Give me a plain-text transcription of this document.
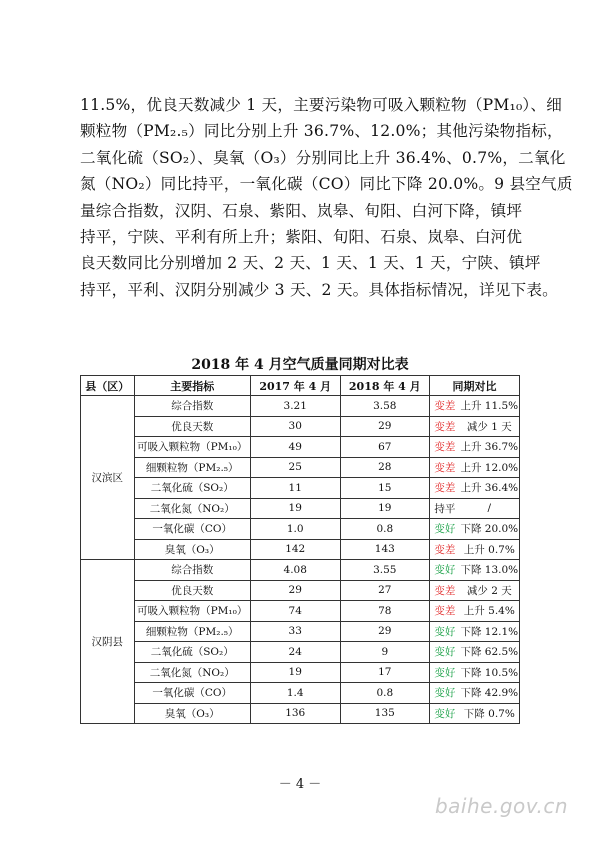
11.5%，优良天数减少 1 天，主要污染物可吸入颗粒物（PM₁₀）、细
颗粒物（PM₂.₅）同比分别上升 36.7%、12.0%；其他污染物指标，
二氧化硫（SO₂）、臭氧（O₃）分别同比上升 36.4%、0.7%，二氧化
氮（NO₂）同比持平，一氧化碳（CO）同比下降 20.0%。9 县空气质
量综合指数，汉阴、石泉、紫阳、岚皋、旬阳、白河下降，镇坪
持平，宁陕、平利有所上升；紫阳、旬阳、石泉、岚皋、白河优
良天数同比分别增加 2 天、2 天、1 天、1 天、1 天，宁陕、镇坪
持平，平利、汉阴分别减少 3 天、2 天。具体指标情况，详见下表。
2018 年 4 月空气质量同期对比表
县（区）	主要指标	2017 年 4 月	2018 年 4 月	同期对比	
汉滨区	综合指数	3.21	3.58	变差	上升 11.5%
	优良天数	30	29	变差	减少 1 天
	可吸入颗粒物（PM₁₀）	49	67	变差	上升 36.7%
	细颗粒物（PM₂.₅）	25	28	变差	上升 12.0%
	二氧化硫（SO₂）	11	15	变差	上升 36.4%
	二氧化氮（NO₂）	19	19	持平	/
	一氧化碳（CO）	1.0	0.8	变好	下降 20.0%
	臭氧（O₃）	142	143	变差	上升 0.7%
汉阴县	综合指数	4.08	3.55	变好	下降 13.0%
	优良天数	29	27	变差	减少 2 天
	可吸入颗粒物（PM₁₀）	74	78	变差	上升 5.4%
	细颗粒物（PM₂.₅）	33	29	变好	下降 12.1%
	二氧化硫（SO₂）	24	9	变好	下降 62.5%
	二氧化氮（NO₂）	19	17	变好	下降 10.5%
	一氧化碳（CO）	1.4	0.8	变好	下降 42.9%
	臭氧（O₃）	136	135	变好	下降 0.7%
－ 4 －
baihe.gov.cn
